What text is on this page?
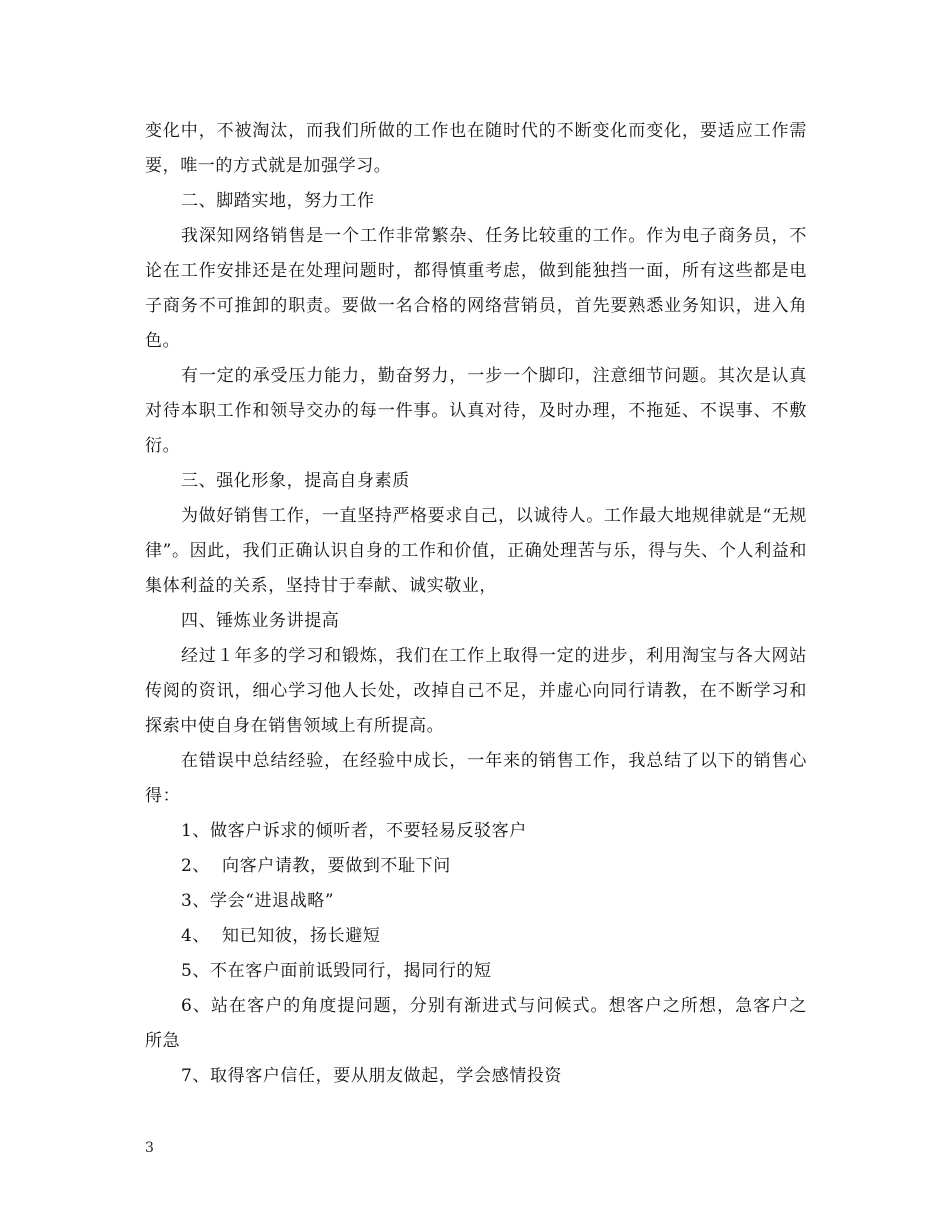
变化中，不被淘汰，而我们所做的工作也在随时代的不断变化而变化，要适应工作需要，唯一的方式就是加强学习。

二、脚踏实地，努力工作

我深知网络销售是一个工作非常繁杂、任务比较重的工作。作为电子商务员，不论在工作安排还是在处理问题时，都得慎重考虑，做到能独挡一面，所有这些都是电子商务不可推卸的职责。要做一名合格的网络营销员，首先要熟悉业务知识，进入角色。

有一定的承受压力能力，勤奋努力，一步一个脚印，注意细节问题。其次是认真对待本职工作和领导交办的每一件事。认真对待，及时办理，不拖延、不误事、不敷衍。

三、强化形象，提高自身素质

为做好销售工作，一直坚持严格要求自己，以诚待人。工作最大地规律就是“无规律”。因此，我们正确认识自身的工作和价值，正确处理苦与乐，得与失、个人利益和集体利益的关系，坚持甘于奉献、诚实敬业，

四、锤炼业务讲提高

经过１年多的学习和锻炼，我们在工作上取得一定的进步，利用淘宝与各大网站传阅的资讯，细心学习他人长处，改掉自己不足，并虚心向同行请教，在不断学习和探索中使自身在销售领域上有所提高。

在错误中总结经验，在经验中成长，一年来的销售工作，我总结了以下的销售心得：

1、做客户诉求的倾听者，不要轻易反驳客户

2、  向客户请教，要做到不耻下问

3、学会“进退战略”

4、  知已知彼，扬长避短

5、不在客户面前诋毁同行，揭同行的短

6、站在客户的角度提问题，分别有渐进式与问候式。想客户之所想，急客户之所急

7、取得客户信任，要从朋友做起，学会感情投资

3
